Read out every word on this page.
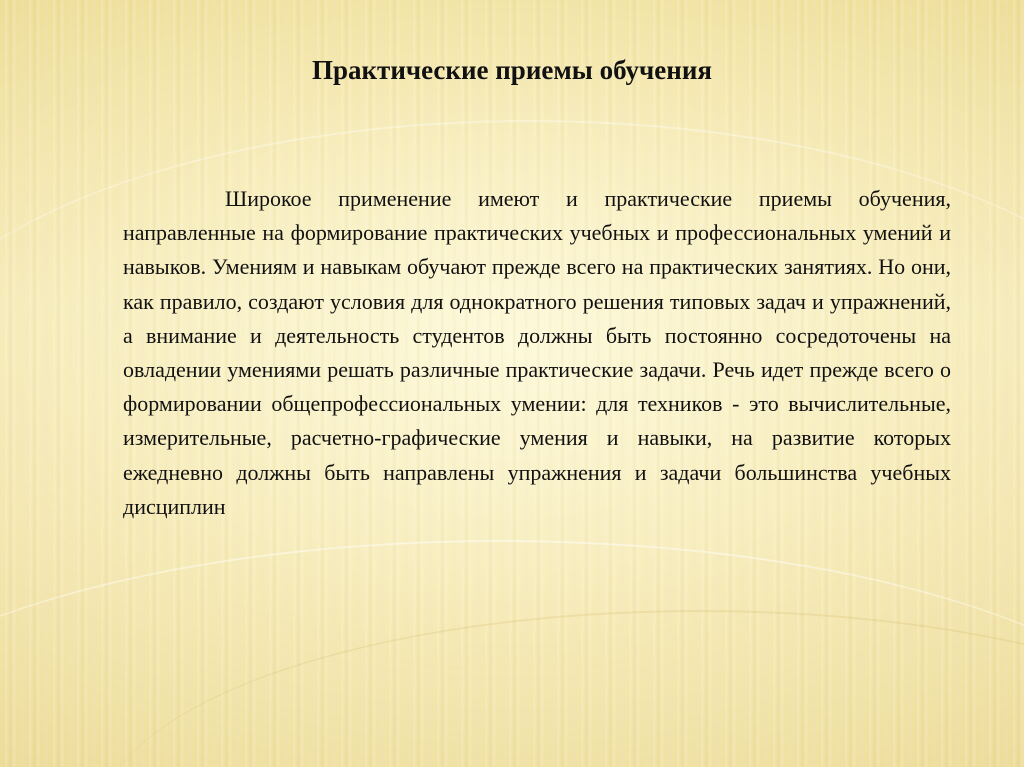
Практические приемы обучения

Широкое применение имеют и практические приемы обучения, направленные на формирование практических учебных и профессиональных умений и навыков. Умениям и навыкам обучают прежде всего на практических занятиях. Но они, как правило, создают условия для однократного решения типовых задач и упражнений, а внимание и деятельность студентов должны быть постоянно сосредоточены на овладении умениями решать различные практические задачи. Речь идет прежде всего о формировании общепрофессиональных умении: для техников - это вычислительные, измерительные, расчетно-графические умения и навыки, на развитие которых ежедневно должны быть направлены упражнения и задачи большинства учебных дисциплин
